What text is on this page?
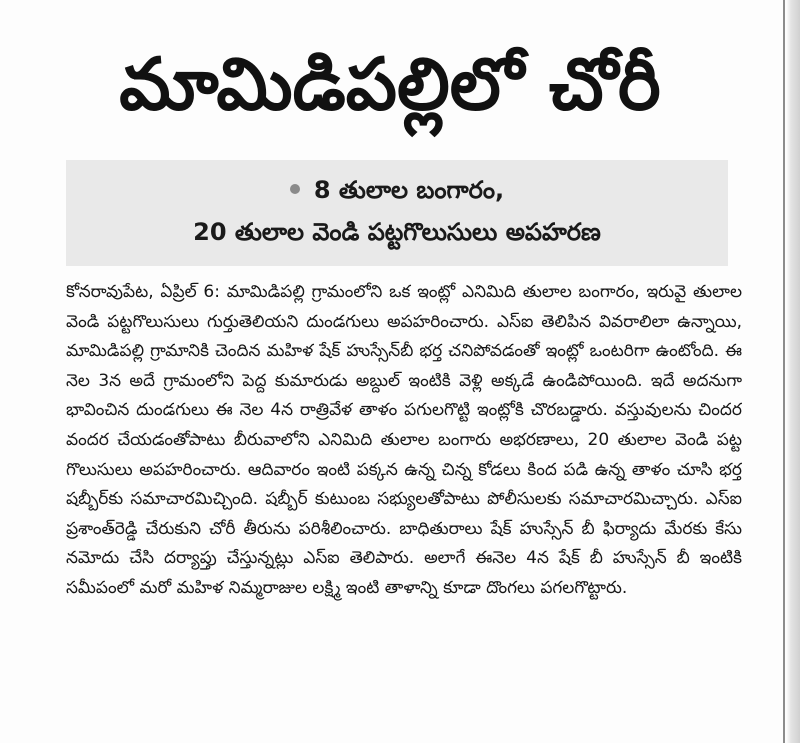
మామిడిపల్లిలో చోరీ
8 తులాల బంగారం,
20 తులాల వెండి పట్టగొలుసులు అపహరణ

కోనరావుపేట, ఏప్రిల్ 6: మామిడిపల్లి గ్రామంలోని ఒక ఇంట్లో ఎనిమిది తులాల బంగారం, ఇరువై తులాల వెండి పట్టగొలుసులు గుర్తుతెలియని దుండగులు అపహరించారు. ఎస్ఐ తెలిపిన వివరాలిలా ఉన్నాయి, మామిడిపల్లి గ్రామానికి చెందిన మహిళ షేక్ హుస్సేన్‌బీ భర్త చనిపోవడంతో ఇంట్లో ఒంటరిగా ఉంటోంది. ఈ నెల 3న అదే గ్రామంలోని పెద్ద కుమారుడు అబ్దుల్ ఇంటికి వెళ్లి అక్కడే ఉండిపోయింది. ఇదే అదనుగా భావించిన దుండగులు ఈ నెల 4న రాత్రివేళ తాళం పగులగొట్టి ఇంట్లోకి చొరబడ్డారు. వస్తువులను చిందర వందర చేయడంతోపాటు బీరువాలోని ఎనిమిది తులాల బంగారు అభరణాలు, 20 తులాల వెండి పట్ట గొలుసులు అపహరించారు. ఆదివారం ఇంటి పక్కన ఉన్న చిన్న కోడలు కింద పడి ఉన్న తాళం చూసి భర్త షబ్బీర్‌కు సమాచారమిచ్చింది. షబ్బీర్ కుటుంబ సభ్యులతోపాటు పోలీసులకు సమాచారమిచ్చారు. ఎస్ఐ ప్రశాంత్‌రెడ్డి చేరుకుని చోరీ తీరును పరిశీలించారు. బాధితురాలు షేక్ హుస్సేన్ బీ ఫిర్యాదు మేరకు కేసు నమోదు చేసి దర్యాప్తు చేస్తున్నట్లు ఎస్ఐ తెలిపారు. అలాగే ఈనెల 4న షేక్ బీ హుస్సేన్ బీ ఇంటికి సమీపంలో మరో మహిళ నిమ్మరాజుల లక్ష్మి ఇంటి తాళాన్ని కూడా దొంగలు పగలగొట్టారు.
